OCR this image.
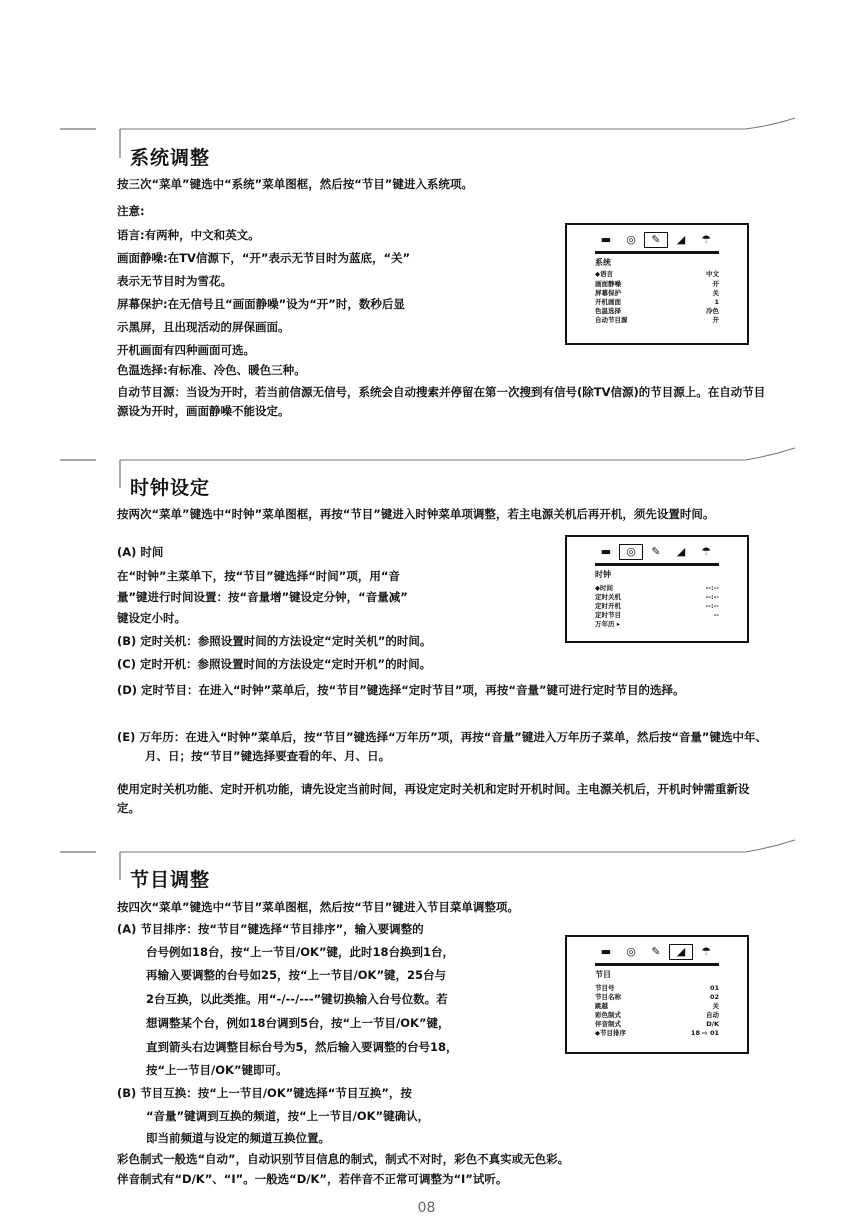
系统调整
按三次“菜单”键选中“系统”菜单图框，然后按“节目”键进入系统项。
注意:
语言:有两种，中文和英文。
画面静噪:在TV信源下，“开”表示无节目时为蓝底，“关”
表示无节目时为雪花。
屏幕保护:在无信号且“画面静噪”设为“开”时，数秒后显
示黑屏，且出现活动的屏保画面。
开机画面有四种画面可选。
色温选择:有标准、冷色、暖色三种。
自动节目源：当设为开时，若当前信源无信号，系统会自动搜索并停留在第一次搜到有信号(除TV信源)的节目源上。在自动节目源设为开时，画面静噪不能设定。
▬	◎	✎	◢	☂
系统
◆语言	中文
画面静噪	开
屏幕保护	关
开机画面	1
色温选择	冷色
自动节目源	开
时钟设定
按两次“菜单”键选中“时钟”菜单图框，再按“节目”键进入时钟菜单项调整，若主电源关机后再开机，须先设置时间。
(A) 时间
在“时钟”主菜单下，按“节目”键选择“时间”项，用“音
量”键进行时间设置：按“音量增”键设定分钟，“音量减”
键设定小时。
(B) 定时关机：参照设置时间的方法设定“定时关机”的时间。
(C) 定时开机：参照设置时间的方法设定“定时开机”的时间。
(D) 定时节目：在进入“时钟”菜单后，按“节目”键选择“定时节目”项，再按“音量”键可进行定时节目的选择。
(E) 万年历：在进入“时钟”菜单后，按“节目”键选择“万年历”项，再按“音量”键进入万年历子菜单，然后按“音量”键选中年、月、日；按“节目”键选择要查看的年、月、日。
使用定时关机功能、定时开机功能，请先设定当前时间，再设定定时关机和定时开机时间。主电源关机后，开机时钟需重新设定。
▬	◎	✎	◢	☂
时钟
◆时间	--:--
定时关机	--:--
定时开机	--:--
定时节目	--
万年历 ▸
节目调整
按四次“菜单”键选中“节目”菜单图框，然后按“节目”键进入节目菜单调整项。
(A) 节目排序：按“节目”键选择“节目排序”，输入要调整的
台号例如18台，按“上一节目/OK”键，此时18台换到1台，
再输入要调整的台号如25，按“上一节目/OK”键，25台与
2台互换，以此类推。用“-/--/---”键切换输入台号位数。若
想调整某个台，例如18台调到5台，按“上一节目/OK”键，
直到箭头右边调整目标台号为5，然后输入要调整的台号18，
按“上一节目/OK”键即可。
(B) 节目互换：按“上一节目/OK”键选择“节目互换”，按
“音量”键调到互换的频道，按“上一节目/OK”键确认，
即当前频道与设定的频道互换位置。
彩色制式一般选“自动”，自动识别节目信息的制式，制式不对时，彩色不真实或无色彩。
伴音制式有“D/K”、“I”。一般选“D/K”，若伴音不正常可调整为“I”试听。
▬	◎	✎	◢	☂
节目
节目号	01
节目名称	02
跳越	关
彩色制式	自动
伴音制式	D/K
◆节目排序	18 ⇨ 01
08
